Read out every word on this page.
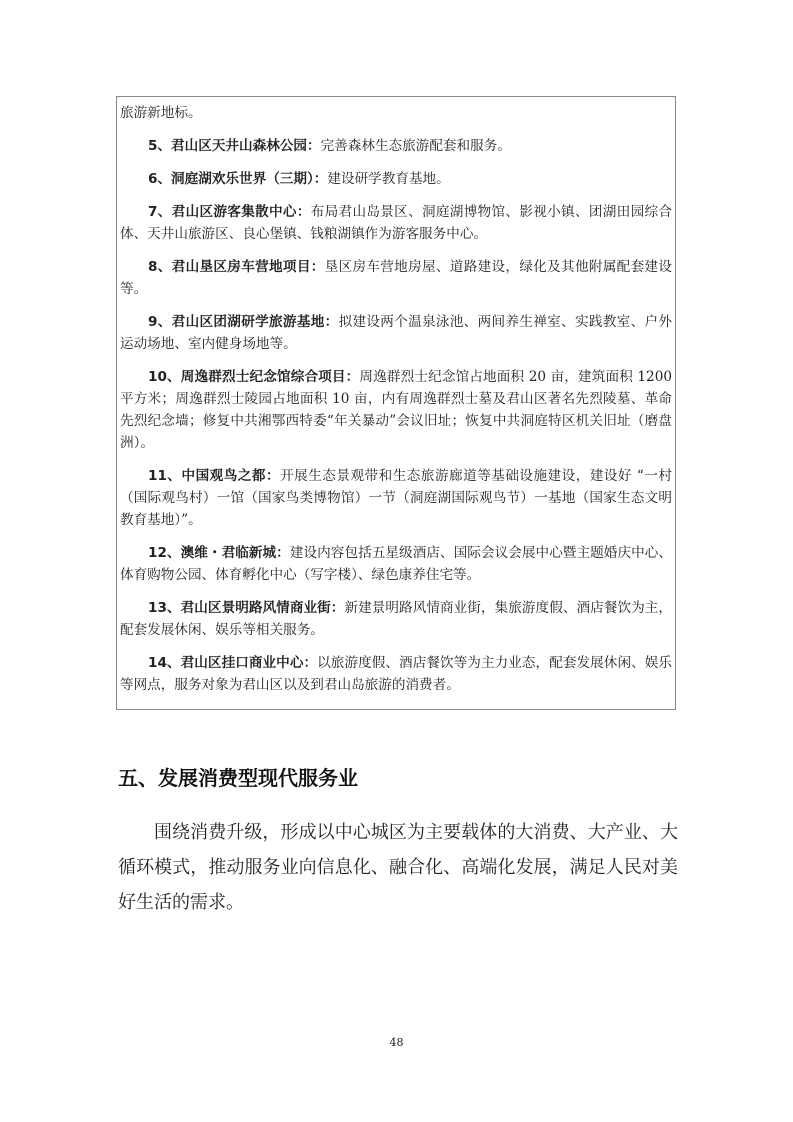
旅游新地标。

5、君山区天井山森林公园：完善森林生态旅游配套和服务。

6、洞庭湖欢乐世界（三期）：建设研学教育基地。

7、君山区游客集散中心：布局君山岛景区、洞庭湖博物馆、影视小镇、团湖田园综合体、天井山旅游区、良心堡镇、钱粮湖镇作为游客服务中心。

8、君山垦区房车营地项目：垦区房车营地房屋、道路建设，绿化及其他附属配套建设等。

9、君山区团湖研学旅游基地：拟建设两个温泉泳池、两间养生禅室、实践教室、户外运动场地、室内健身场地等。

10、周逸群烈士纪念馆综合项目：周逸群烈士纪念馆占地面积 20 亩，建筑面积 1200 平方米；周逸群烈士陵园占地面积 10 亩，内有周逸群烈士墓及君山区著名先烈陵墓、革命先烈纪念墙；修复中共湘鄂西特委“年关暴动”会议旧址；恢复中共洞庭特区机关旧址（磨盘洲）。

11、中国观鸟之都：开展生态景观带和生态旅游廊道等基础设施建设，建设好 “一村（国际观鸟村）一馆（国家鸟类博物馆）一节（洞庭湖国际观鸟节）一基地（国家生态文明教育基地）”。

12、澳维・君临新城：建设内容包括五星级酒店、国际会议会展中心暨主题婚庆中心、体育购物公园、体育孵化中心（写字楼）、绿色康养住宅等。

13、君山区景明路风情商业街：新建景明路风情商业街，集旅游度假、酒店餐饮为主，配套发展休闲、娱乐等相关服务。

14、君山区挂口商业中心：以旅游度假、酒店餐饮等为主力业态，配套发展休闲、娱乐等网点，服务对象为君山区以及到君山岛旅游的消费者。

五、发展消费型现代服务业

围绕消费升级，形成以中心城区为主要载体的大消费、大产业、大循环模式，推动服务业向信息化、融合化、高端化发展，满足人民对美好生活的需求。

48
